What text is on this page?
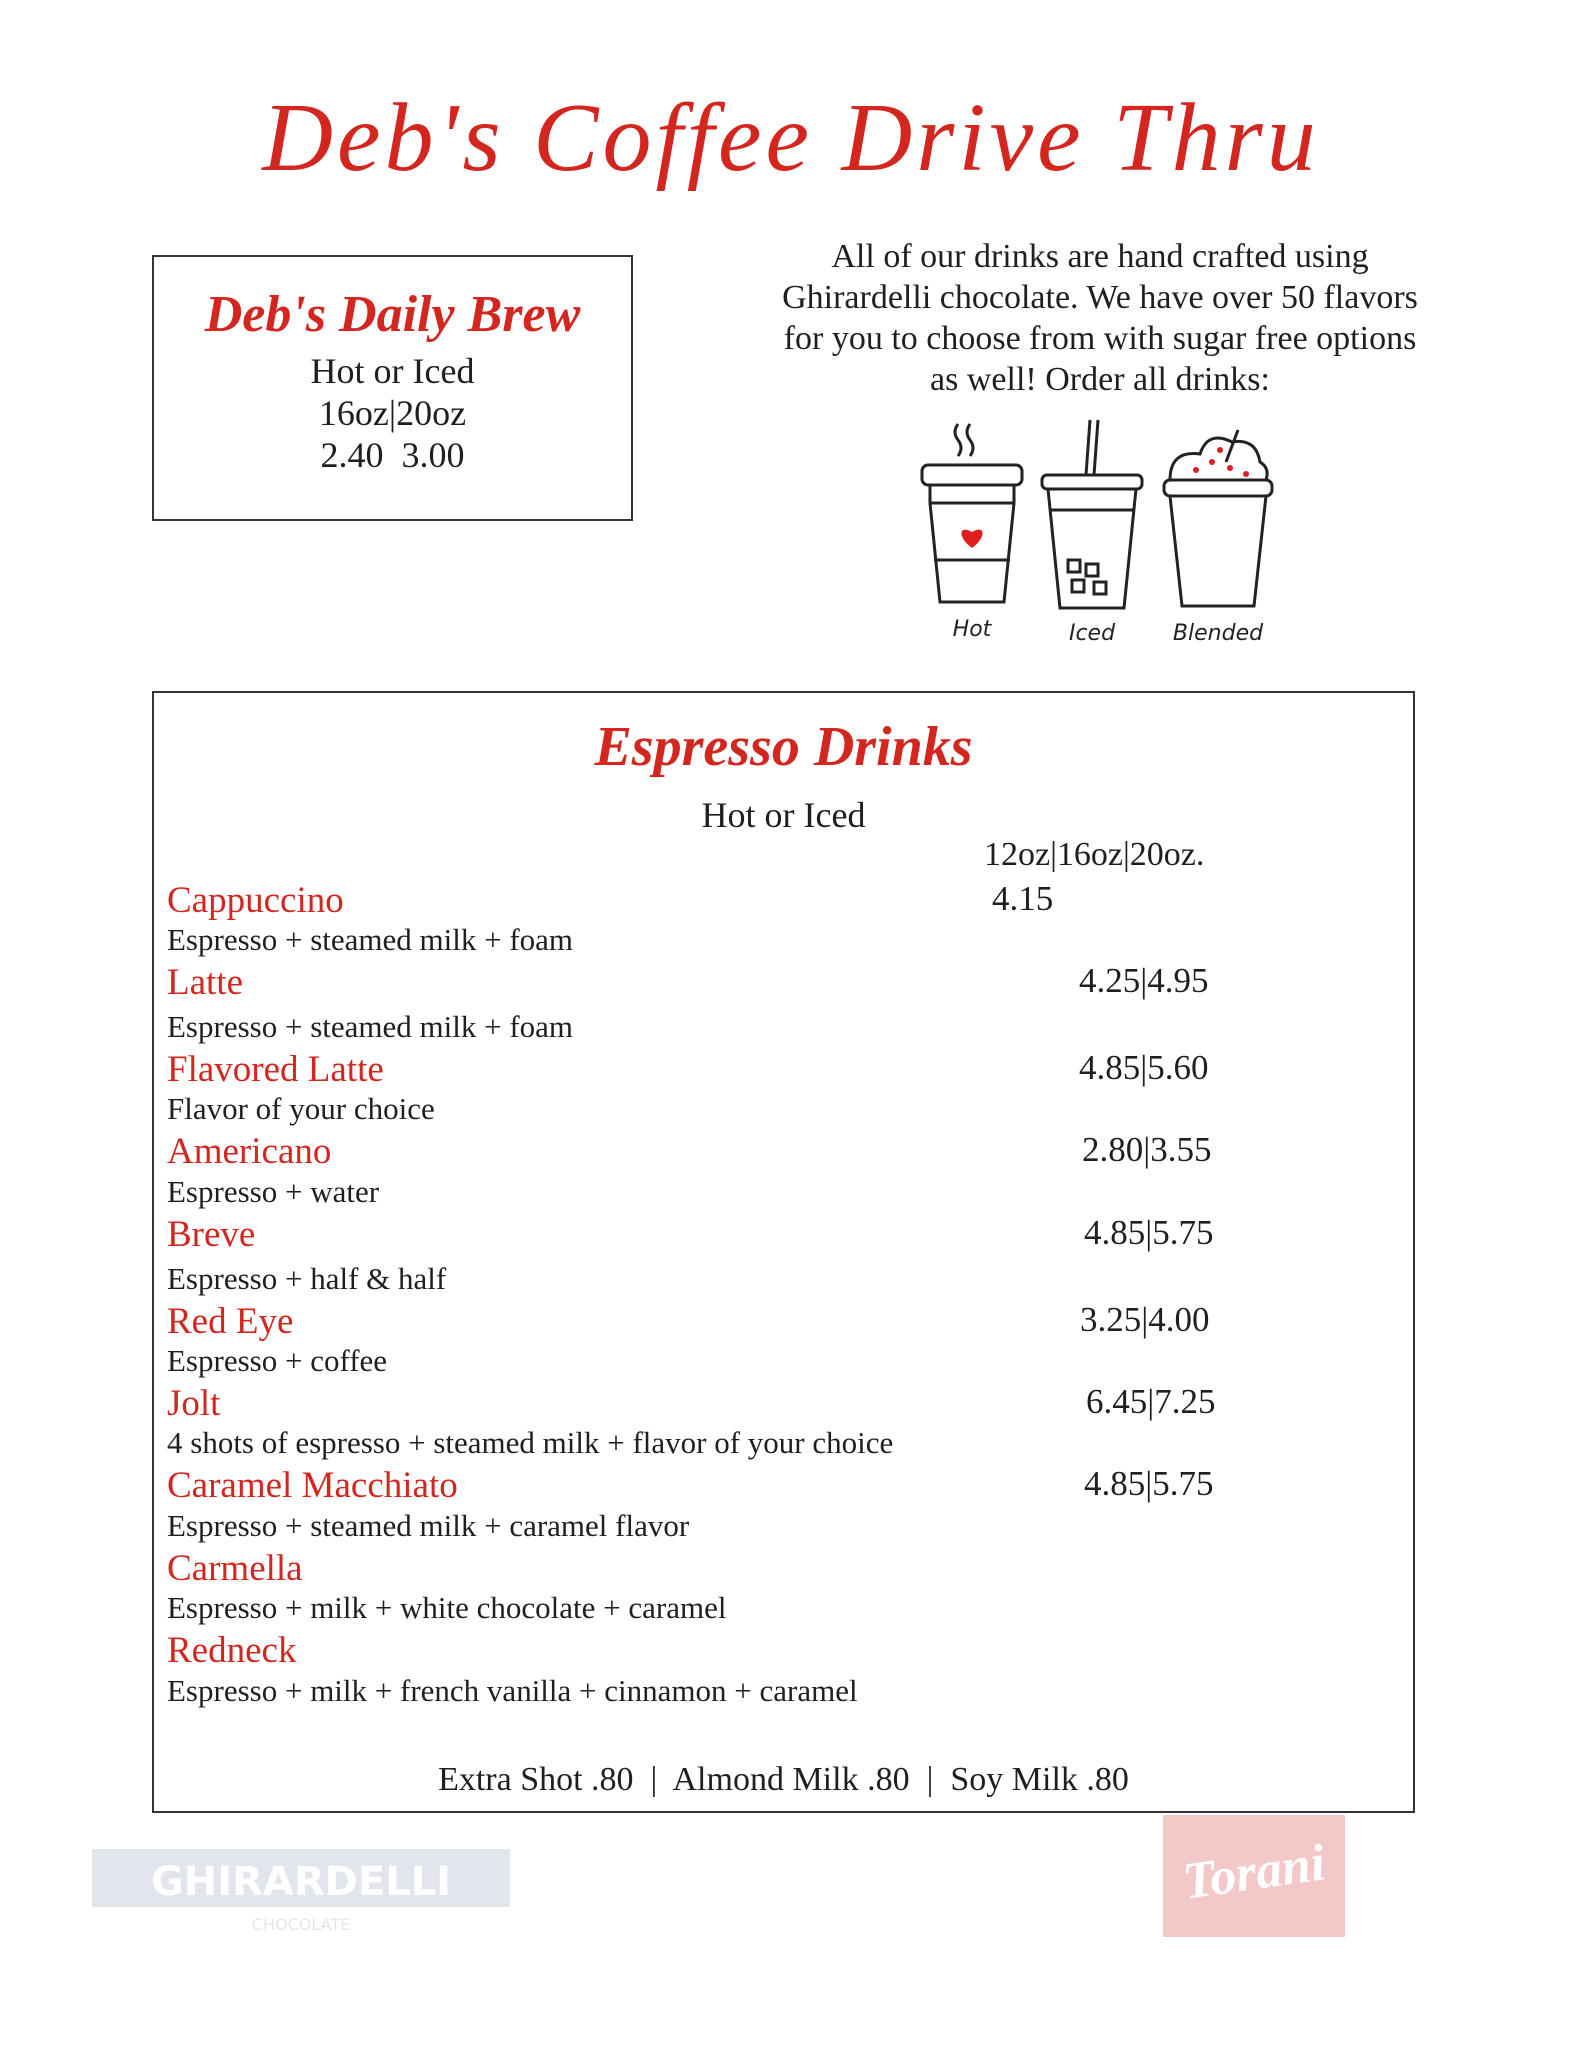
Deb's Coffee Drive Thru
Deb's Daily Brew
Hot or Iced
16oz|20oz
2.40  3.00
All of our drinks are hand crafted using Ghirardelli chocolate. We have over 50 flavors for you to choose from with sugar free options as well! Order all drinks:
Hot	Iced	Blended
Espresso Drinks
Hot or Iced
12oz|16oz|20oz.
Cappuccino
Espresso + steamed milk + foam
4.15
Latte
Espresso + steamed milk + foam
4.25|4.95
Flavored Latte
Flavor of your choice
4.85|5.60
Americano
Espresso + water
2.80|3.55
Breve
Espresso + half & half
4.85|5.75
Red Eye
Espresso + coffee
3.25|4.00
Jolt
4 shots of espresso + steamed milk + flavor of your choice
6.45|7.25
Caramel Macchiato
Espresso + steamed milk + caramel flavor
4.85|5.75
Carmella
Espresso + milk + white chocolate + caramel
Redneck
Espresso + milk + french vanilla + cinnamon + caramel
Extra Shot .80  |  Almond Milk .80  |  Soy Milk .80
GHIRARDELLI
CHOCOLATE
Torani
